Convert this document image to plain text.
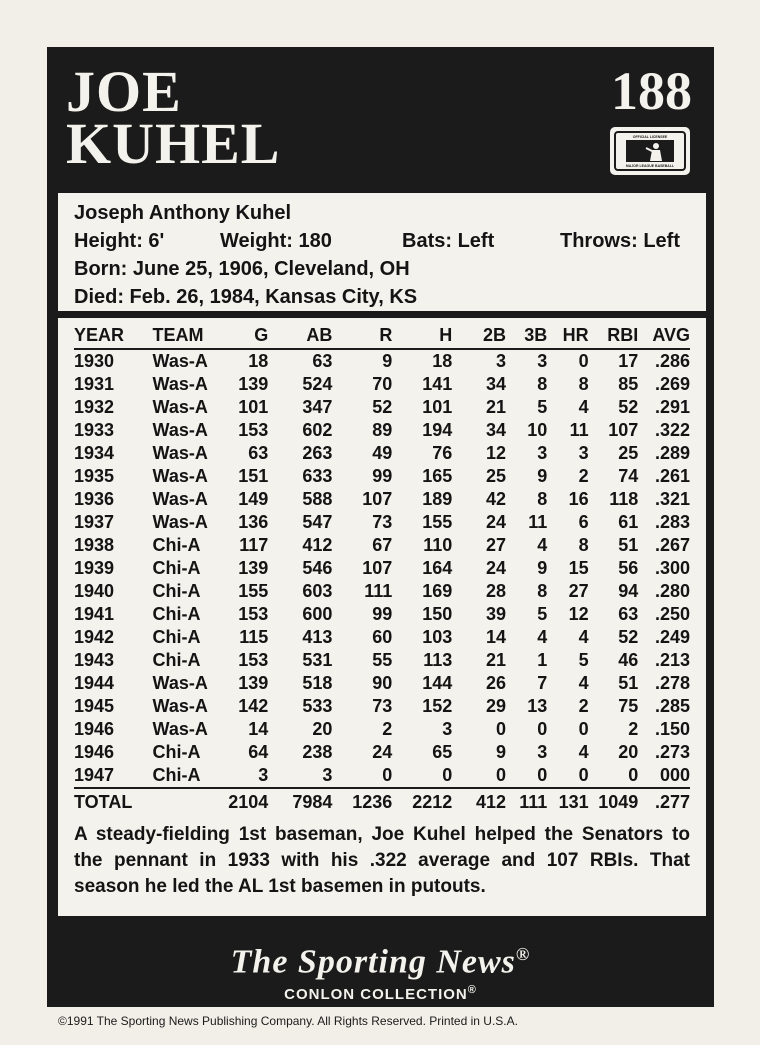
JOE
KUHEL
188
OFFICIAL LICENSEE
MAJOR LEAGUE BASEBALL
Joseph Anthony Kuhel
Height: 6'	Weight: 180	Bats: Left	Throws: Left
Born: June 25, 1906, Cleveland, OH
Died: Feb. 26, 1984, Kansas City, KS
YEAR	TEAM	G	AB	R	H	2B	3B	HR	RBI	AVG
1930	Was-A	18	63	9	18	3	3	0	17	.286
1931	Was-A	139	524	70	141	34	8	8	85	.269
1932	Was-A	101	347	52	101	21	5	4	52	.291
1933	Was-A	153	602	89	194	34	10	11	107	.322
1934	Was-A	63	263	49	76	12	3	3	25	.289
1935	Was-A	151	633	99	165	25	9	2	74	.261
1936	Was-A	149	588	107	189	42	8	16	118	.321
1937	Was-A	136	547	73	155	24	11	6	61	.283
1938	Chi-A	117	412	67	110	27	4	8	51	.267
1939	Chi-A	139	546	107	164	24	9	15	56	.300
1940	Chi-A	155	603	111	169	28	8	27	94	.280
1941	Chi-A	153	600	99	150	39	5	12	63	.250
1942	Chi-A	115	413	60	103	14	4	4	52	.249
1943	Chi-A	153	531	55	113	21	1	5	46	.213
1944	Was-A	139	518	90	144	26	7	4	51	.278
1945	Was-A	142	533	73	152	29	13	2	75	.285
1946	Was-A	14	20	2	3	0	0	0	2	.150
1946	Chi-A	64	238	24	65	9	3	4	20	.273
1947	Chi-A	3	3	0	0	0	0	0	0	000
TOTAL		2104	7984	1236	2212	412	111	131	1049	.277
A steady-fielding 1st baseman, Joe Kuhel helped the Senators to the pennant in 1933 with his .322 average and 107 RBIs. That season he led the AL 1st basemen in putouts.
The Sporting News®
CONLON COLLECTION®
©1991 The Sporting News Publishing Company. All Rights Reserved. Printed in U.S.A.
